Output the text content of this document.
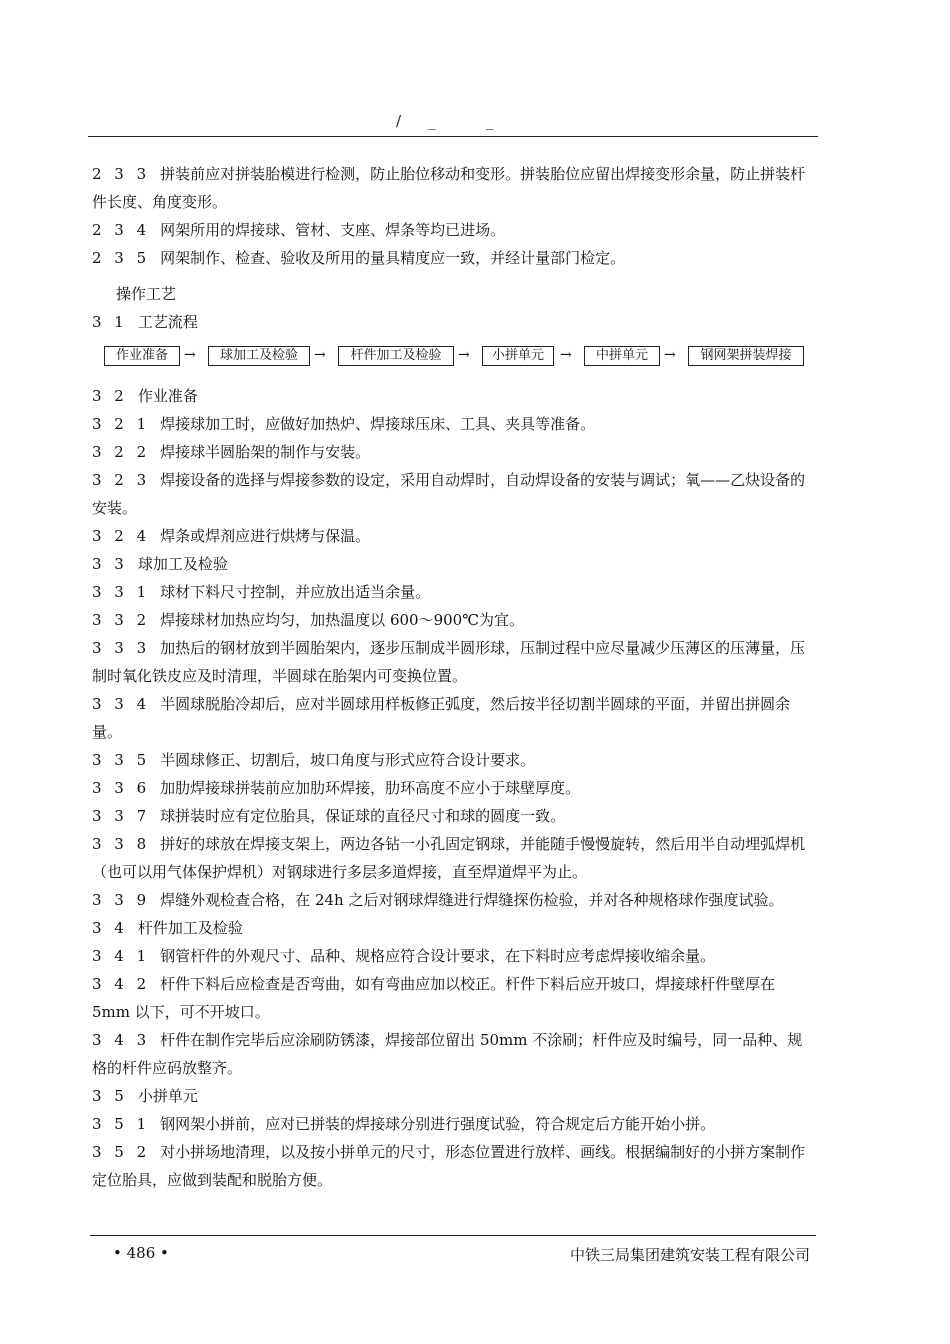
/ _	_

2 3 3 拼装前应对拼装胎模进行检测，防止胎位移动和变形。拼装胎位应留出焊接变形余量，防止拼装杆件长度、角度变形。

2 3 4 网架所用的焊接球、管材、支座、焊条等均已进场。

2 3 5 网架制作、检查、验收及所用的量具精度应一致，并经计量部门检定。

操作工艺

3 1 工艺流程

作业准备	→	球加工及检验	→	杆件加工及检验	→	小拼单元	→	中拼单元	→	钢网架拼装焊接

3 2 作业准备

3 2 1 焊接球加工时，应做好加热炉、焊接球压床、工具、夹具等准备。

3 2 2 焊接球半圆胎架的制作与安装。

3 2 3 焊接设备的选择与焊接参数的设定，采用自动焊时，自动焊设备的安装与调试；氧——乙炔设备的安装。

3 2 4 焊条或焊剂应进行烘烤与保温。

3 3 球加工及检验

3 3 1 球材下料尺寸控制，并应放出适当余量。

3 3 2 焊接球材加热应均匀，加热温度以 600～900℃为宜。

3 3 3 加热后的钢材放到半圆胎架内，逐步压制成半圆形球，压制过程中应尽量减少压薄区的压薄量，压制时氧化铁皮应及时清理，半圆球在胎架内可变换位置。

3 3 4 半圆球脱胎冷却后，应对半圆球用样板修正弧度，然后按半径切割半圆球的平面，并留出拼圆余量。

3 3 5 半圆球修正、切割后，坡口角度与形式应符合设计要求。

3 3 6 加肋焊接球拼装前应加肋环焊接，肋环高度不应小于球壁厚度。

3 3 7 球拼装时应有定位胎具，保证球的直径尺寸和球的圆度一致。

3 3 8 拼好的球放在焊接支架上，两边各钻一小孔固定钢球，并能随手慢慢旋转，然后用半自动埋弧焊机（也可以用气体保护焊机）对钢球进行多层多道焊接，直至焊道焊平为止。

3 3 9 焊缝外观检查合格，在 24h 之后对钢球焊缝进行焊缝探伤检验，并对各种规格球作强度试验。

3 4 杆件加工及检验

3 4 1 钢管杆件的外观尺寸、品种、规格应符合设计要求，在下料时应考虑焊接收缩余量。

3 4 2 杆件下料后应检查是否弯曲，如有弯曲应加以校正。杆件下料后应开坡口，焊接球杆件壁厚在 5mm 以下，可不开坡口。

3 4 3 杆件在制作完毕后应涂刷防锈漆，焊接部位留出 50mm 不涂刷；杆件应及时编号，同一品种、规格的杆件应码放整齐。

3 5 小拼单元

3 5 1 钢网架小拼前，应对已拼装的焊接球分别进行强度试验，符合规定后方能开始小拼。

3 5 2 对小拼场地清理，以及按小拼单元的尺寸，形态位置进行放样、画线。根据编制好的小拼方案制作定位胎具，应做到装配和脱胎方便。

• 486 •	中铁三局集团建筑安装工程有限公司
